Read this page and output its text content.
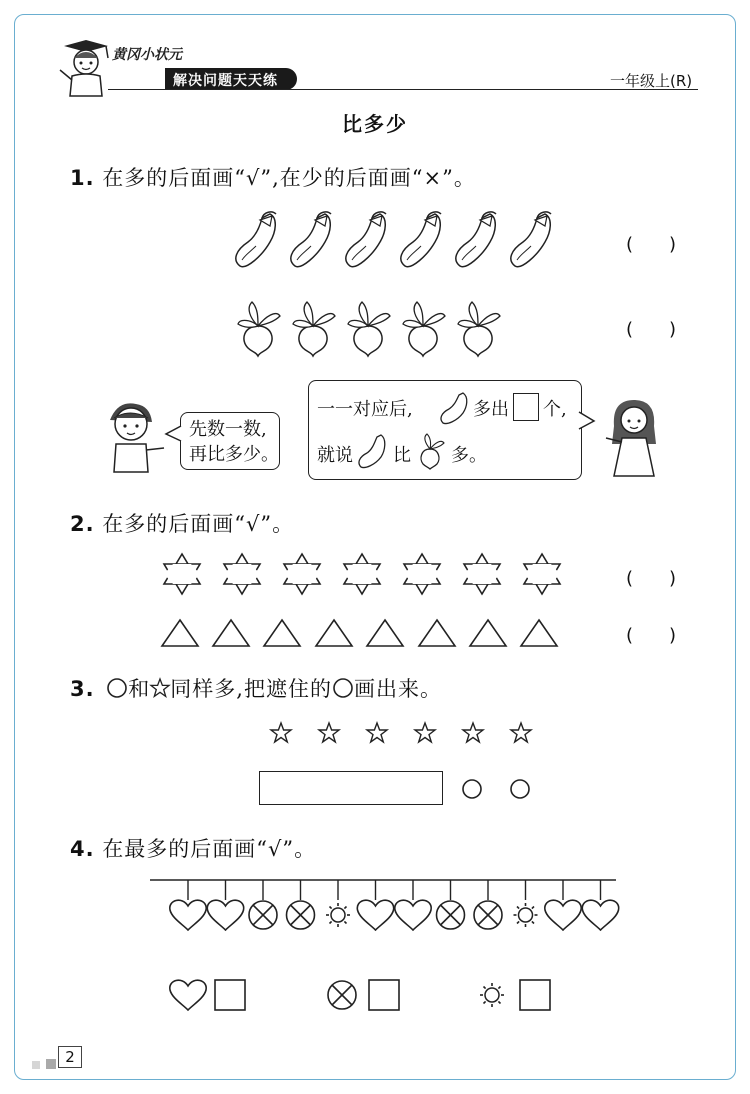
黄冈小状元
解决问题天天练	一年级上(R)
比多少
1. 在多的后面画“√”,在少的后面画“×”。
(　　)
(　　)
先数一数,
再比多少。
一一对应后,	多出 个,
就说 比 多。
2. 在多的后面画“√”。
(　　)
(　　)
3. 和 同样多,把遮住的 画出来。
4. 在最多的后面画“√”。

2
